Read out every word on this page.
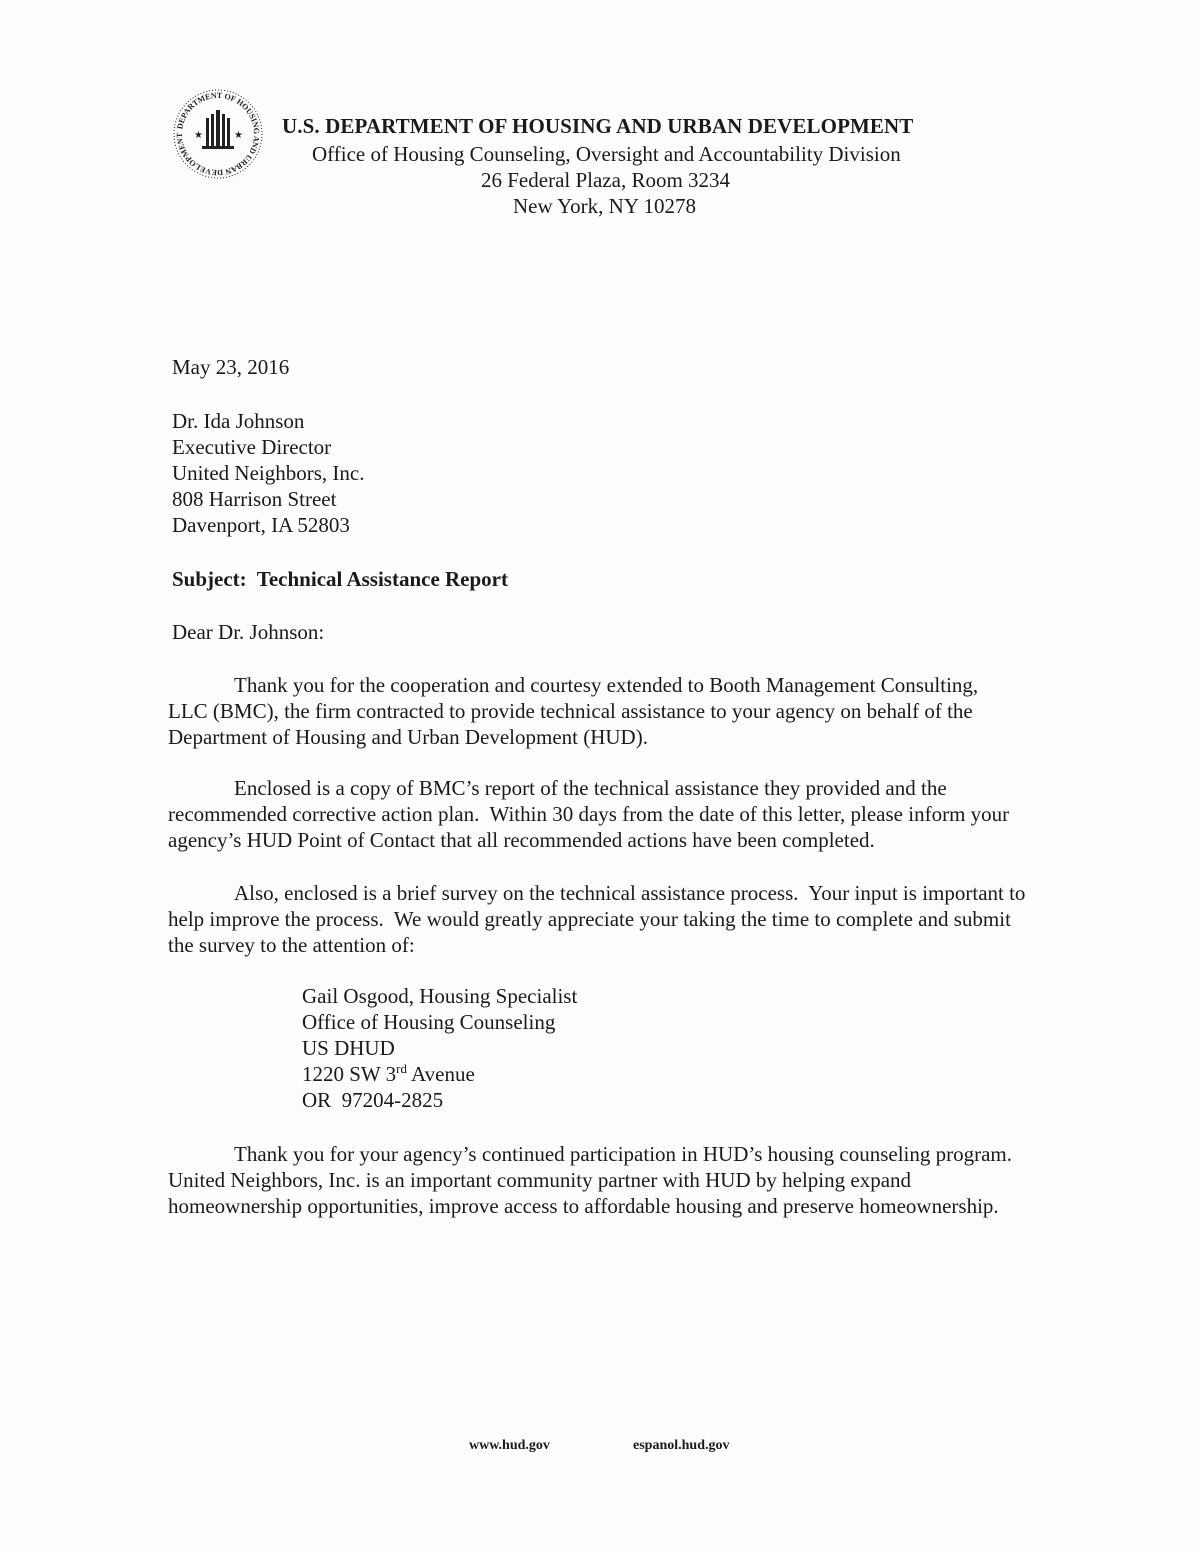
DEPARTMENT OF HOUSING AND URBAN DEVELOPMENT ★	★ U.S. DEPARTMENT OF HOUSING AND URBAN DEVELOPMENT
Office of Housing Counseling, Oversight and Accountability Division
26 Federal Plaza, Room 3234
New York, NY 10278
May 23, 2016
Dr. Ida Johnson
Executive Director
United Neighbors, Inc.
808 Harrison Street
Davenport, IA 52803
Subject:  Technical Assistance Report
Dear Dr. Johnson:
Thank you for the cooperation and courtesy extended to Booth Management Consulting,
LLC (BMC), the firm contracted to provide technical assistance to your agency on behalf of the
Department of Housing and Urban Development (HUD).
Enclosed is a copy of BMC’s report of the technical assistance they provided and the
recommended corrective action plan.  Within 30 days from the date of this letter, please inform your
agency’s HUD Point of Contact that all recommended actions have been completed.
Also, enclosed is a brief survey on the technical assistance process.  Your input is important to
help improve the process.  We would greatly appreciate your taking the time to complete and submit
the survey to the attention of:
Gail Osgood, Housing Specialist
Office of Housing Counseling
US DHUD
1220 SW 3rd Avenue
OR  97204-2825
Thank you for your agency’s continued participation in HUD’s housing counseling program.
United Neighbors, Inc. is an important community partner with HUD by helping expand
homeownership opportunities, improve access to affordable housing and preserve homeownership.
www.hud.gov	espanol.hud.gov
